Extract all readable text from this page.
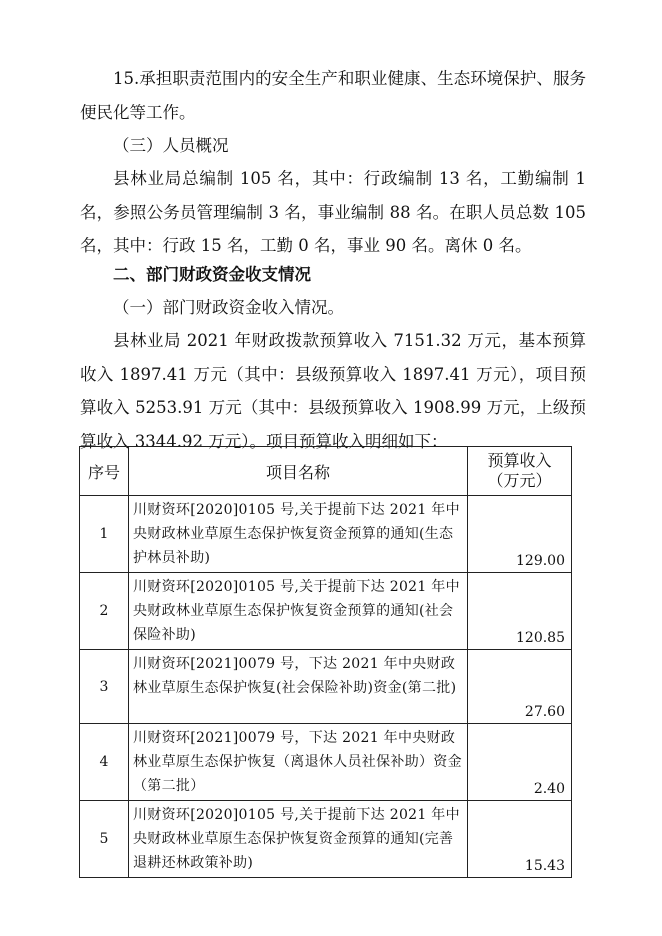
15.承担职责范围内的安全生产和职业健康、生态环境保护、服务便民化等工作。

（三）人员概况

县林业局总编制 105 名，其中：行政编制 13 名，工勤编制 1 名，参照公务员管理编制 3 名，事业编制 88 名。在职人员总数 105 名，其中：行政 15 名，工勤 0 名，事业 90 名。离休 0 名。

二、部门财政资金收支情况

（一）部门财政资金收入情况。

县林业局 2021 年财政拨款预算收入 7151.32 万元，基本预算收入 1897.41 万元（其中：县级预算收入 1897.41 万元），项目预算收入 5253.91 万元（其中：县级预算收入 1908.99 万元，上级预算收入 3344.92 万元）。项目预算收入明细如下：

序号	项目名称	预算收入
（万元）

1	川财资环[2020]0105 号,关于提前下达 2021 年中央财政林业草原生态保护恢复资金预算的通知(生态护林员补助)	129.00
2	川财资环[2020]0105 号,关于提前下达 2021 年中央财政林业草原生态保护恢复资金预算的通知(社会保险补助)	120.85
3	川财资环[2021]0079 号，下达 2021 年中央财政林业草原生态保护恢复(社会保险补助)资金(第二批)	27.60
4	川财资环[2021]0079 号，下达 2021 年中央财政林业草原生态保护恢复（离退休人员社保补助）资金（第二批）	2.40
5	川财资环[2020]0105 号,关于提前下达 2021 年中央财政林业草原生态保护恢复资金预算的通知(完善退耕还林政策补助)	15.43
